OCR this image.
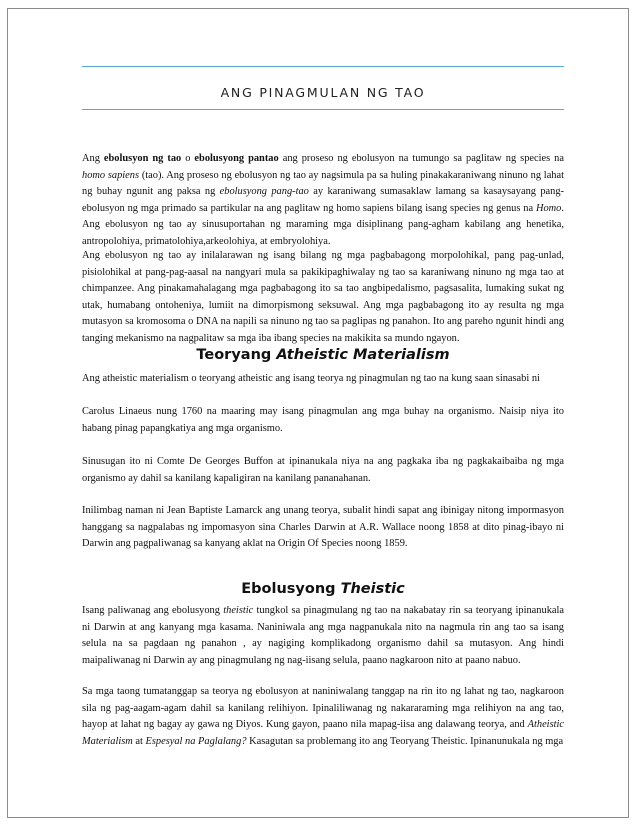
ANG PINAGMULAN NG TAO

Ang ebolusyon ng tao o ebolusyong pantao ang proseso ng ebolusyon na tumungo sa paglitaw ng species na homo sapiens (tao). Ang proseso ng ebolusyon ng tao ay nagsimula pa sa huling pinakakaraniwang ninuno ng lahat ng buhay ngunit ang paksa ng ebolusyong pang-tao ay karaniwang sumasaklaw lamang sa kasaysayang pang-ebolusyon ng mga primado sa partikular na ang paglitaw ng homo sapiens bilang isang species ng genus na Homo. Ang ebolusyon ng tao ay sinusuportahan ng maraming mga disiplinang pang-agham kabilang ang henetika, antropolohiya, primatolohiya,arkeolohiya, at embryolohiya.

Ang ebolusyon ng tao ay inilalarawan ng isang bilang ng mga pagbabagong morpolohikal, pang pag-unlad, pisiolohikal at pang-pag-aasal na nangyari mula sa pakikipaghiwalay ng tao sa karaniwang ninuno ng mga tao at chimpanzee. Ang pinakamahalagang mga pagbabagong ito sa tao angbipedalismo, pagsasalita, lumaking sukat ng utak, humabang ontoheniya, lumiit na dimorpismong seksuwal. Ang mga pagbabagong ito ay resulta ng mga mutasyon sa kromosoma o DNA na napili sa ninuno ng tao sa paglipas ng panahon. Ito ang pareho ngunit hindi ang tanging mekanismo na nagpalitaw sa mga iba ibang species na makikita sa mundo ngayon.

Teoryang Atheistic Materialism

Ang atheistic materialism o teoryang atheistic ang isang teorya ng pinagmulan ng tao na kung saan sinasabi ni

Carolus Linaeus nung 1760 na maaring may isang pinagmulan ang mga buhay na organismo. Naisip niya ito habang pinag papangkatiya ang mga organismo.

Sinusugan ito ni Comte De Georges Buffon at ipinanukala niya na ang pagkaka iba ng pagkakaibaiba ng mga organismo ay dahil sa kanilang kapaligiran na kanilang pananahanan.

Inilimbag naman ni Jean Baptiste Lamarck ang unang teorya, subalit hindi sapat ang ibinigay nitong impormasyon hanggang sa nagpalabas ng impomasyon sina Charles Darwin at A.R. Wallace noong 1858 at dito pinag-ibayo ni Darwin ang pagpaliwanag sa kanyang aklat na Origin Of Species noong 1859.

Ebolusyong Theistic

Isang paliwanag ang ebolusyong theistic tungkol sa pinagmulang ng tao na nakabatay rin sa teoryang ipinanukala ni Darwin at ang kanyang mga kasama. Naniniwala ang mga nagpanukala nito na nagmula rin ang tao sa isang selula na sa pagdaan ng panahon , ay nagiging komplikadong organismo dahil sa mutasyon. Ang hindi maipaliwanag ni Darwin ay ang pinagmulang ng nag-iisang selula, paano nagkaroon nito at paano nabuo.

Sa mga taong tumatanggap sa teorya ng ebolusyon at naniniwalang tanggap na rin ito ng lahat ng tao, nagkaroon sila ng pag-aagam-agam dahil sa kanilang relihiyon. Ipinaliliwanag ng nakararaming mga relihiyon na ang tao, hayop at lahat ng bagay ay gawa ng Diyos. Kung gayon, paano nila mapag-iisa ang dalawang teorya, and Atheistic Materialism at Espesyal na Paglalang? Kasagutan sa problemang ito ang Teoryang Theistic. Ipinanunukala ng mga
